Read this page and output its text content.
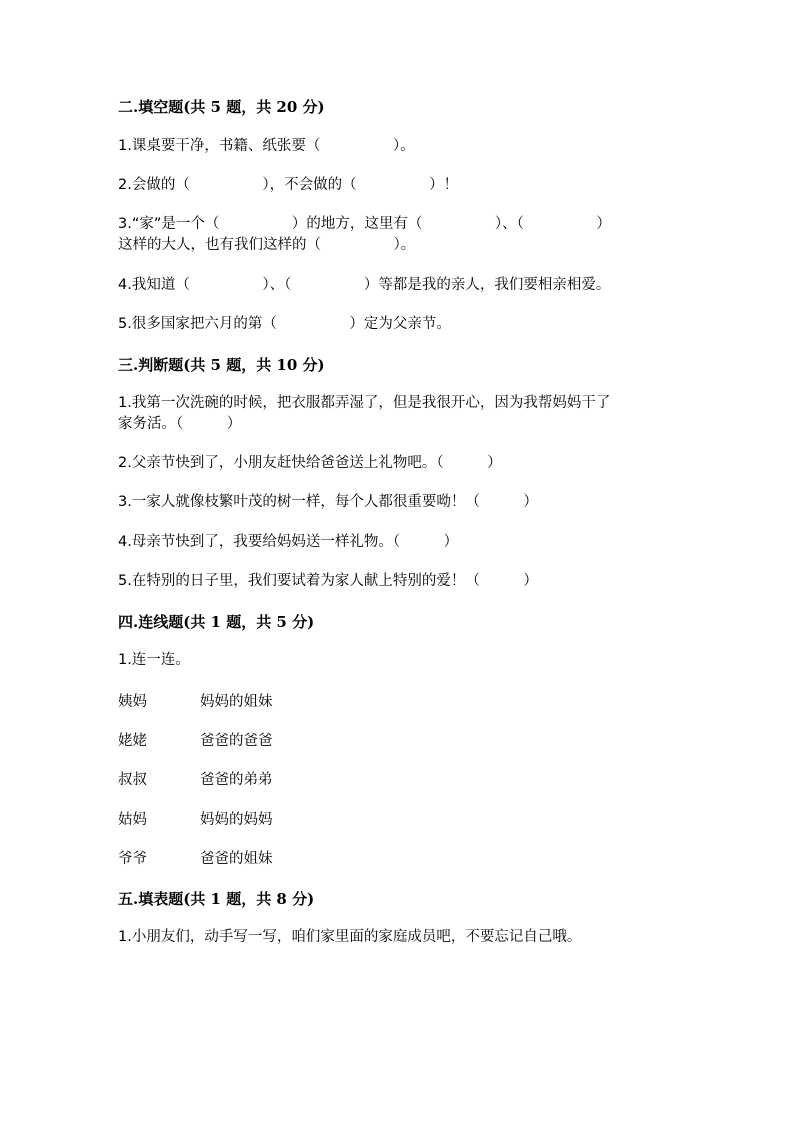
二.填空题(共 5 题，共 20 分)
1.课桌要干净，书籍、纸张要（　　　　　）。
2.会做的（　　　　　），不会做的（　　　　　）！
3.“家”是一个（　　　　　）的地方，这里有（　　　　　）、（　　　　　）
这样的大人，也有我们这样的（　　　　　）。
4.我知道（　　　　　）、（　　　　　）等都是我的亲人，我们要相亲相爱。
5.很多国家把六月的第（　　　　　）定为父亲节。
三.判断题(共 5 题，共 10 分)
1.我第一次洗碗的时候，把衣服都弄湿了，但是我很开心，因为我帮妈妈干了
家务活。（　　　）
2.父亲节快到了，小朋友赶快给爸爸送上礼物吧。（　　　）
3.一家人就像枝繁叶茂的树一样，每个人都很重要呦！（　　　）
4.母亲节快到了，我要给妈妈送一样礼物。（　　　）
5.在特别的日子里，我们要试着为家人献上特别的爱！（　　　）
四.连线题(共 1 题，共 5 分)
1.连一连。
姨妈	妈妈的姐妹
姥姥	爸爸的爸爸
叔叔	爸爸的弟弟
姑妈	妈妈的妈妈
爷爷	爸爸的姐妹
五.填表题(共 1 题，共 8 分)
1.小朋友们，动手写一写，咱们家里面的家庭成员吧，不要忘记自己哦。
